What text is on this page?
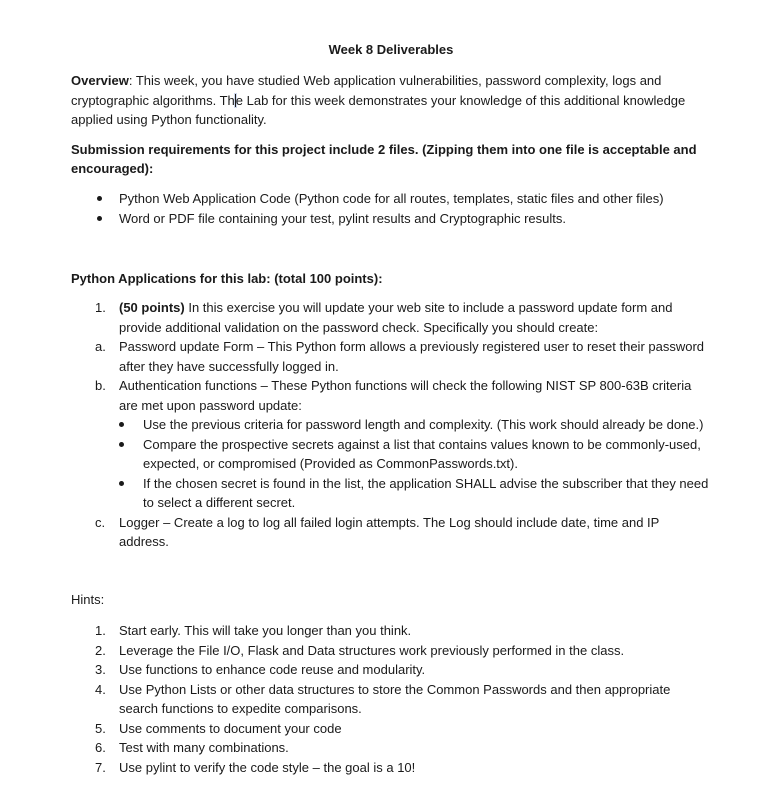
Week 8 Deliverables

Overview: This week, you have studied Web application vulnerabilities, password complexity, logs and cryptographic algorithms. The Lab for this week demonstrates your knowledge of this additional knowledge applied using Python functionality.

Submission requirements for this project include 2 files. (Zipping them into one file is acceptable and encouraged):

Python Web Application Code (Python code for all routes, templates, static files and other files)
Word or PDF file containing your test, pylint results and Cryptographic results.

Python Applications for this lab: (total 100 points):

1. (50 points) In this exercise you will update your web site to include a password update form and provide additional validation on the password check. Specifically you should create:
a. Password update Form – This Python form allows a previously registered user to reset their password after they have successfully logged in.
b. Authentication functions – These Python functions will check the following NIST SP 800-63B criteria are met upon password update:
Use the previous criteria for password length and complexity. (This work should already be done.)
Compare the prospective secrets against a list that contains values known to be commonly-used, expected, or compromised (Provided as CommonPasswords.txt).
If the chosen secret is found in the list, the application SHALL advise the subscriber that they need to select a different secret.
c. Logger – Create a log to log all failed login attempts. The Log should include date, time and IP address.

Hints:

1. Start early. This will take you longer than you think.
2. Leverage the File I/O, Flask and Data structures work previously performed in the class.
3. Use functions to enhance code reuse and modularity.
4. Use Python Lists or other data structures to store the Common Passwords and then appropriate search functions to expedite comparisons.
5. Use comments to document your code
6. Test with many combinations.
7. Use pylint to verify the code style – the goal is a 10!
